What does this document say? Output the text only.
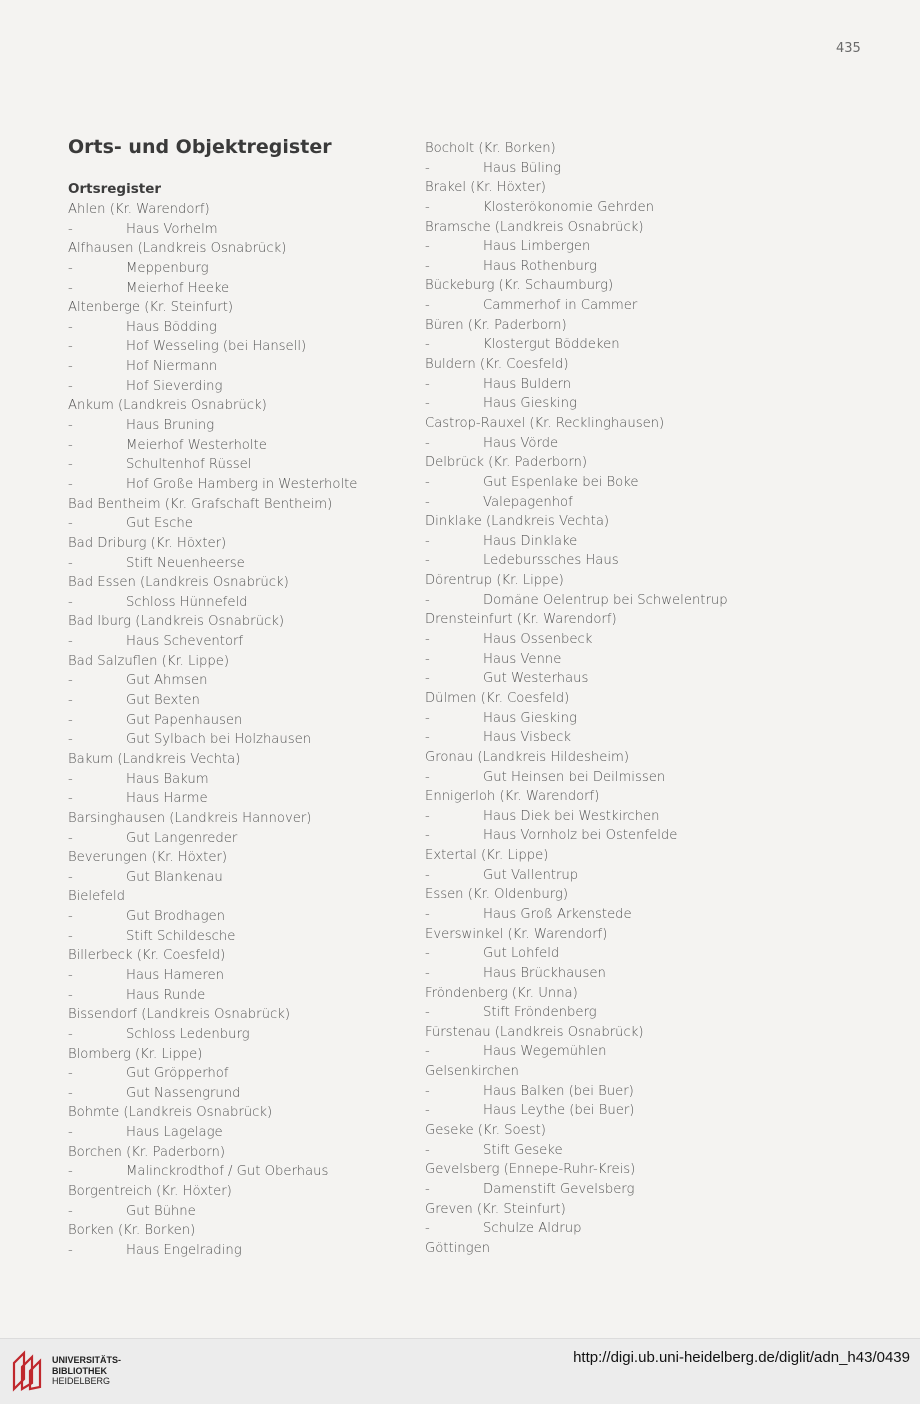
435
Orts- und Objektregister
Ortsregister
Ahlen (Kr. Warendorf)
-	Haus Vorhelm
Alfhausen (Landkreis Osnabrück)
-	Meppenburg
-	Meierhof Heeke
Altenberge (Kr. Steinfurt)
-	Haus Bödding
-	Hof Wesseling (bei Hansell)
-	Hof Niermann
-	Hof Sieverding
Ankum (Landkreis Osnabrück)
-	Haus Bruning
-	Meierhof Westerholte
-	Schultenhof Rüssel
-	Hof Große Hamberg in Westerholte
Bad Bentheim (Kr. Grafschaft Bentheim)
-	Gut Esche
Bad Driburg (Kr. Höxter)
-	Stift Neuenheerse
Bad Essen (Landkreis Osnabrück)
-	Schloss Hünnefeld
Bad Iburg (Landkreis Osnabrück)
-	Haus Scheventorf
Bad Salzuflen (Kr. Lippe)
-	Gut Ahmsen
-	Gut Bexten
-	Gut Papenhausen
-	Gut Sylbach bei Holzhausen
Bakum (Landkreis Vechta)
-	Haus Bakum
-	Haus Harme
Barsinghausen (Landkreis Hannover)
-	Gut Langenreder
Beverungen (Kr. Höxter)
-	Gut Blankenau
Bielefeld
-	Gut Brodhagen
-	Stift Schildesche
Billerbeck (Kr. Coesfeld)
-	Haus Hameren
-	Haus Runde
Bissendorf (Landkreis Osnabrück)
-	Schloss Ledenburg
Blomberg (Kr. Lippe)
-	Gut Gröpperhof
-	Gut Nassengrund
Bohmte (Landkreis Osnabrück)
-	Haus Lagelage
Borchen (Kr. Paderborn)
-	Malinckrodthof / Gut Oberhaus
Borgentreich (Kr. Höxter)
-	Gut Bühne
Borken (Kr. Borken)
-	Haus Engelrading
Bocholt (Kr. Borken)
-	Haus Büling
Brakel (Kr. Höxter)
-	Klosterökonomie Gehrden
Bramsche (Landkreis Osnabrück)
-	Haus Limbergen
-	Haus Rothenburg
Bückeburg (Kr. Schaumburg)
-	Cammerhof in Cammer
Büren (Kr. Paderborn)
-	Klostergut Böddeken
Buldern (Kr. Coesfeld)
-	Haus Buldern
-	Haus Giesking
Castrop-Rauxel (Kr. Recklinghausen)
-	Haus Vörde
Delbrück (Kr. Paderborn)
-	Gut Espenlake bei Boke
-	Valepagenhof
Dinklake (Landkreis Vechta)
-	Haus Dinklake
-	Ledeburssches Haus
Dörentrup (Kr. Lippe)
-	Domäne Oelentrup bei Schwelentrup
Drensteinfurt (Kr. Warendorf)
-	Haus Ossenbeck
-	Haus Venne
-	Gut Westerhaus
Dülmen (Kr. Coesfeld)
-	Haus Giesking
-	Haus Visbeck
Gronau (Landkreis Hildesheim)
-	Gut Heinsen bei Deilmissen
Ennigerloh (Kr. Warendorf)
-	Haus Diek bei Westkirchen
-	Haus Vornholz bei Ostenfelde
Extertal (Kr. Lippe)
-	Gut Vallentrup
Essen (Kr. Oldenburg)
-	Haus Groß Arkenstede
Everswinkel (Kr. Warendorf)
-	Gut Lohfeld
-	Haus Brückhausen
Fröndenberg (Kr. Unna)
-	Stift Fröndenberg
Fürstenau (Landkreis Osnabrück)
-	Haus Wegemühlen
Gelsenkirchen
-	Haus Balken (bei Buer)
-	Haus Leythe (bei Buer)
Geseke (Kr. Soest)
-	Stift Geseke
Gevelsberg (Ennepe-Ruhr-Kreis)
-	Damenstift Gevelsberg
Greven (Kr. Steinfurt)
-	Schulze Aldrup
Göttingen
UNIVERSITÄTS-
BIBLIOTHEK
HEIDELBERG
http://digi.ub.uni-heidelberg.de/diglit/adn_h43/0439
